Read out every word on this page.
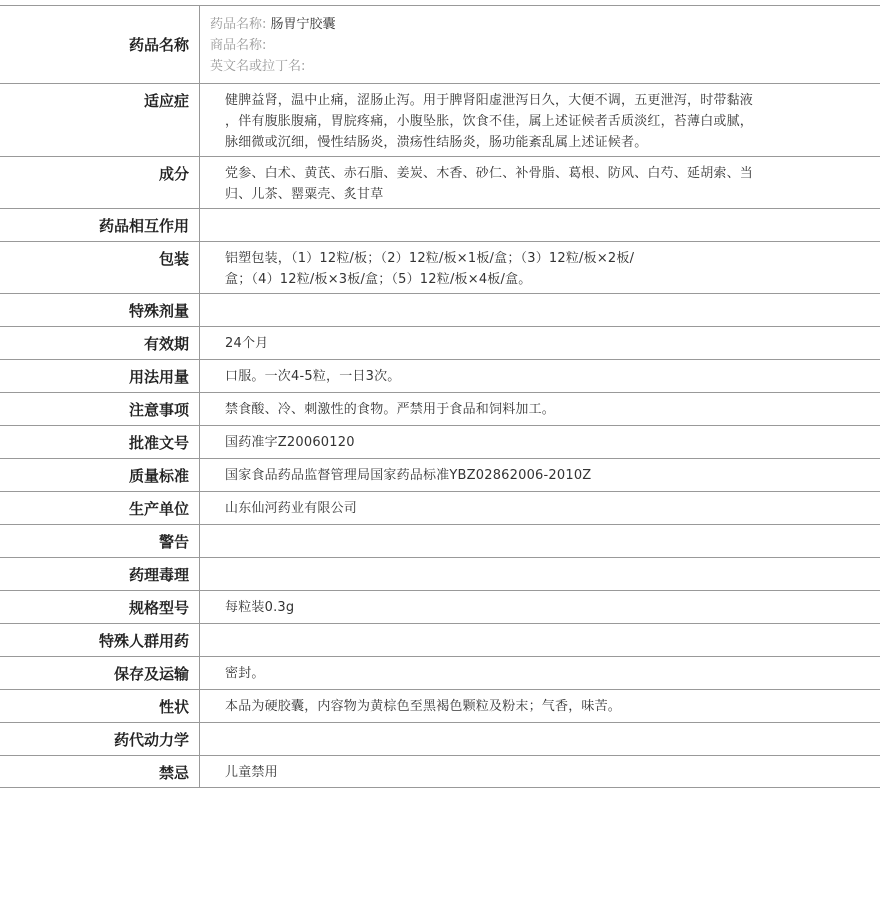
药品名称
药品名称: 肠胃宁胶囊
商品名称:
英文名或拉丁名:
适应症	健脾益肾，温中止痛，涩肠止泻。用于脾肾阳虚泄泻日久，大便不调，五更泄泻，时带黏液

，伴有腹胀腹痛，胃脘疼痛，小腹坠胀，饮食不佳，属上述证候者舌质淡红，苔薄白或腻，

脉细微或沉细，慢性结肠炎，溃疡性结肠炎，肠功能紊乱属上述证候者。

成分	党参、白术、黄芪、赤石脂、姜炭、木香、砂仁、补骨脂、葛根、防风、白芍、延胡索、当

归、儿茶、罂粟壳、炙甘草

药品相互作用
包装	铝塑包装，（1）12粒/板；（2）12粒/板×1板/盒；（3）12粒/板×2板/

盒；（4）12粒/板×3板/盒；（5）12粒/板×4板/盒。

特殊剂量
有效期	24个月
用法用量	口服。一次4-5粒，一日3次。
注意事项	禁食酸、冷、刺激性的食物。严禁用于食品和饲料加工。
批准文号	国药准字Z20060120
质量标准	国家食品药品监督管理局国家药品标准YBZ02862006-2010Z
生产单位	山东仙河药业有限公司
警告
药理毒理
规格型号	每粒装0.3g
特殊人群用药
保存及运输	密封。
性状	本品为硬胶囊，内容物为黄棕色至黑褐色颗粒及粉末；气香，味苦。
药代动力学
禁忌	儿童禁用
